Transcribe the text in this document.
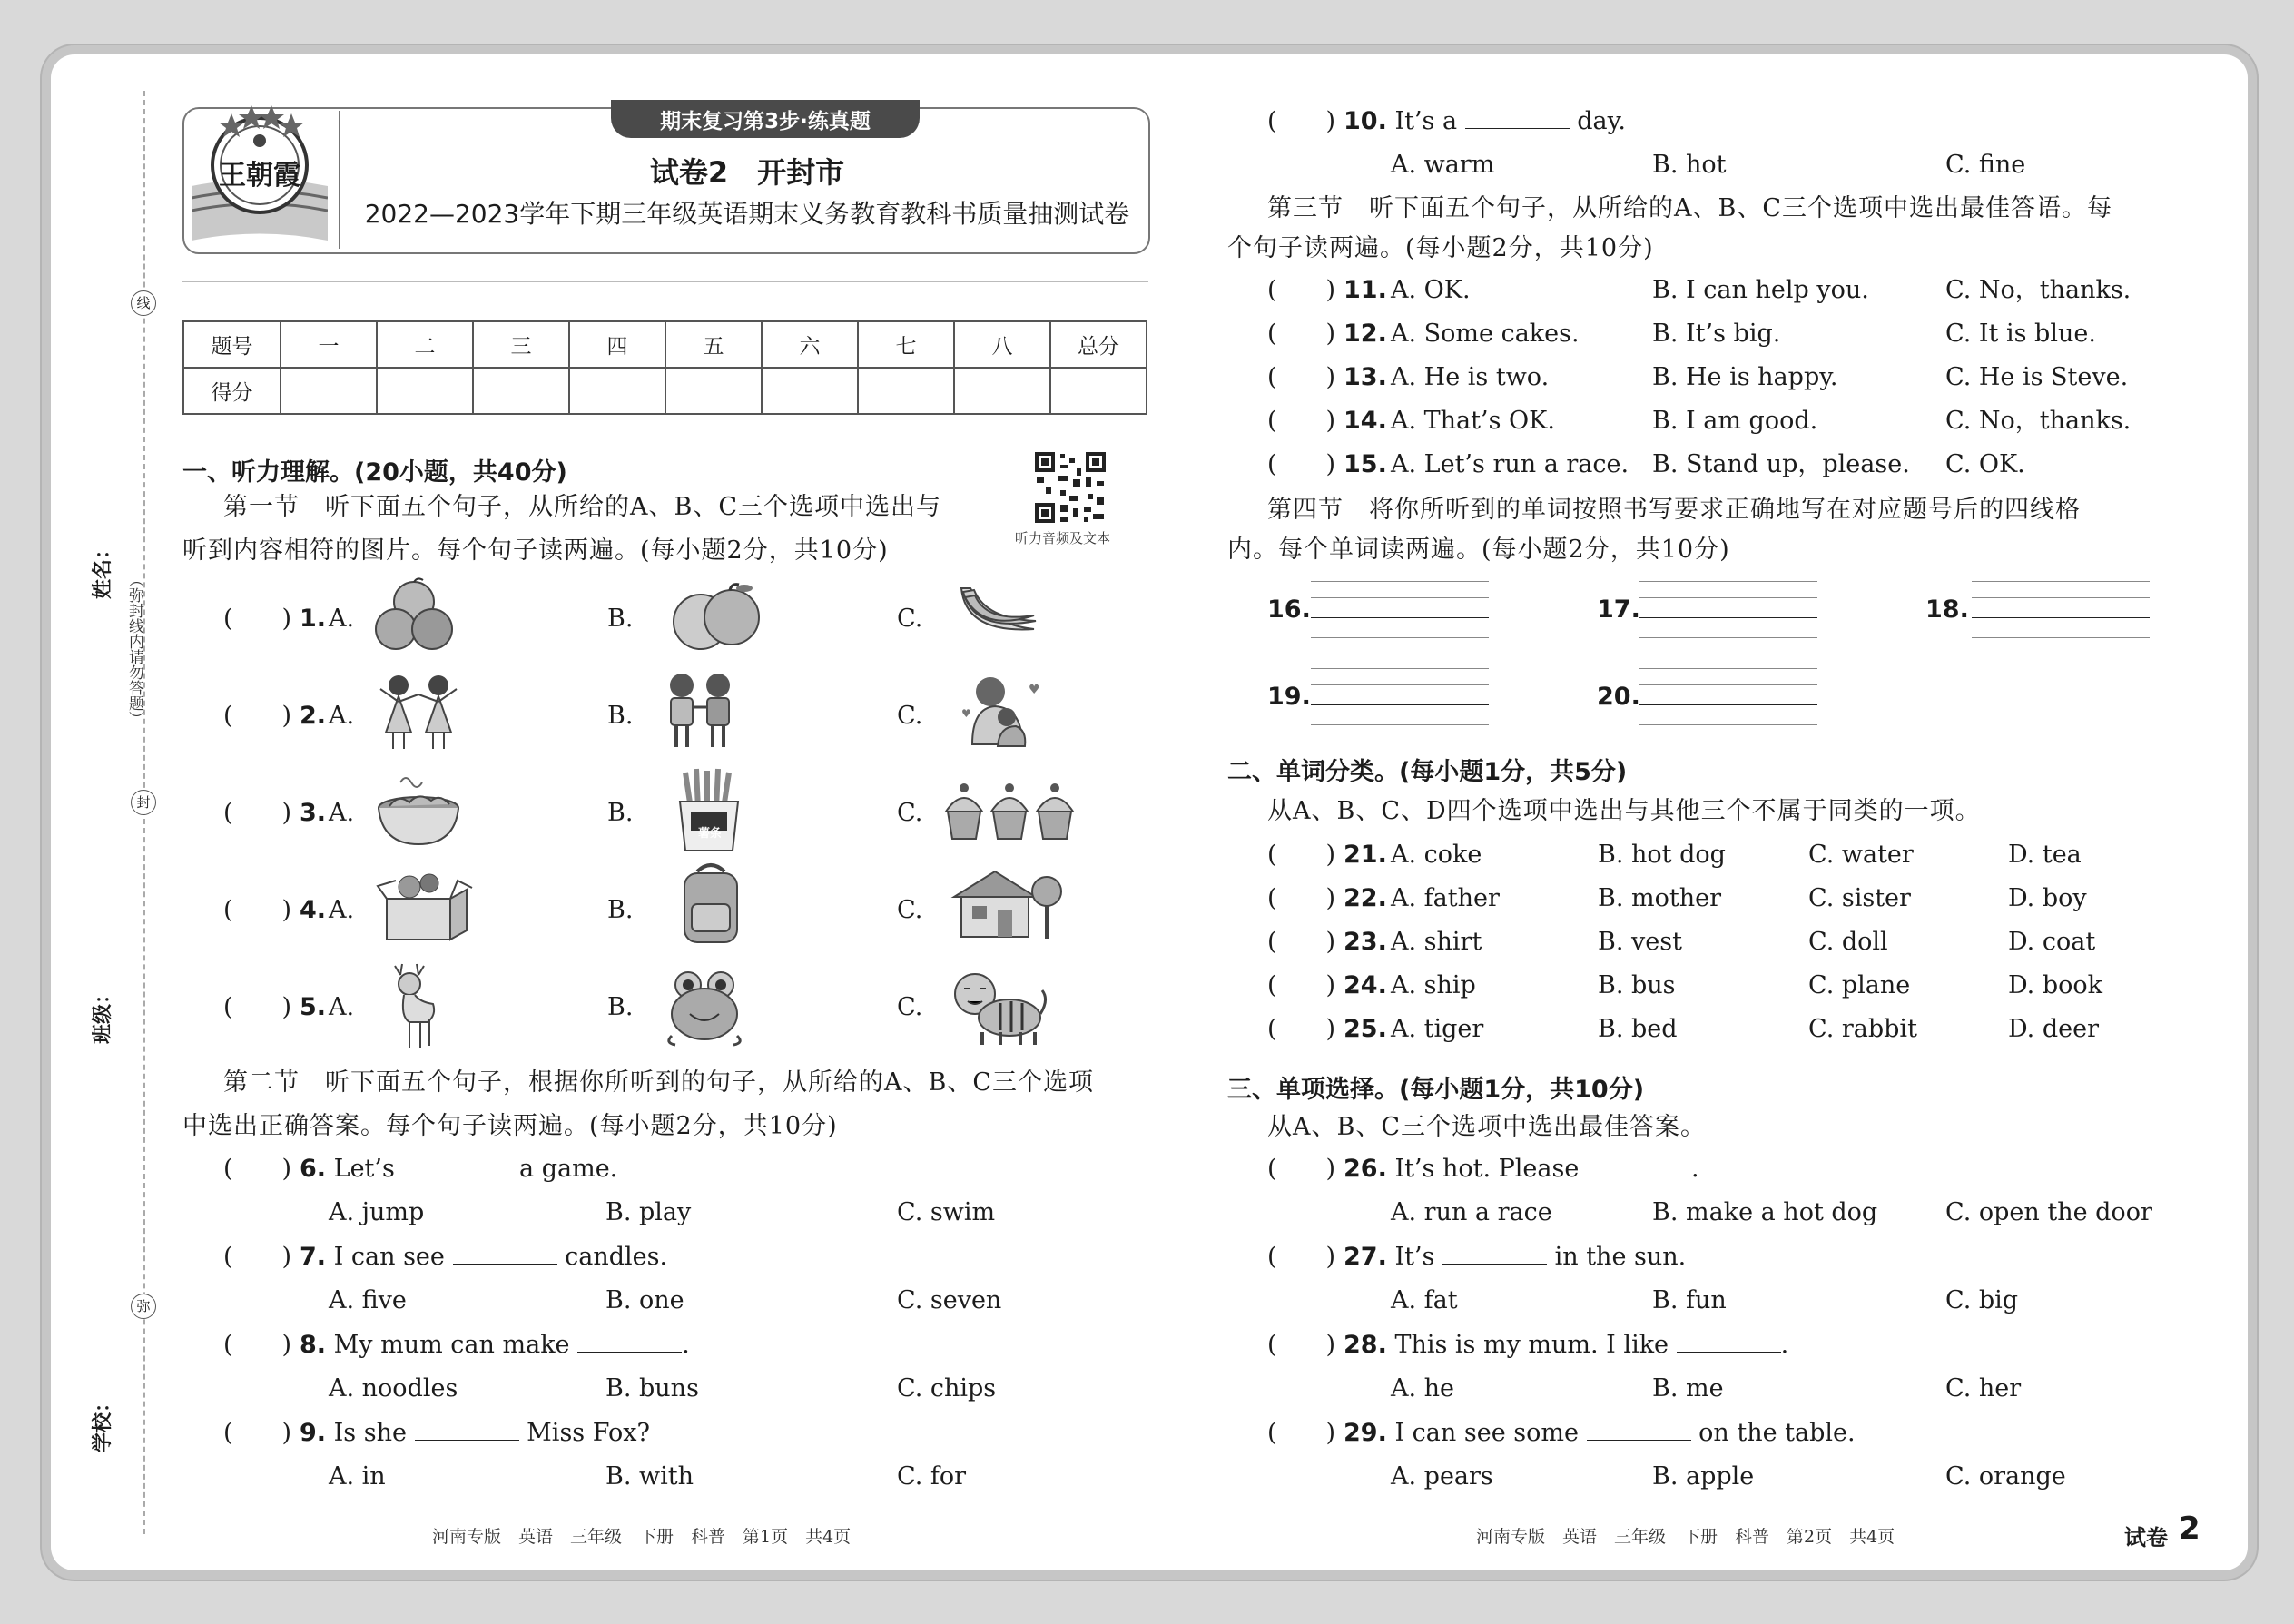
线
封
弥
（弥封线内请勿答题）
姓名：
班级：
学校：
期末复习第3步·练真题
王朝霞	试卷2　开封市
2022—2023学年下期三年级英语期末义务教育教科书质量抽测试卷
题号	一	二	三	四	五	六	七	八	总分
得分									
一、听力理解。(20小题，共40分)
听力音频及文本
第一节　听下面五个句子，从所给的A、B、C三个选项中选出与
听到内容相符的图片。每个句子读两遍。(每小题2分，共10分)
(　　) 1. A.	B.	C.
(　　) 2. A.	B.	C.
(　　) 3. A.	B.	C.
(　　) 4. A.	B.	C.
(　　) 5. A.	B.	C.
♥
♥
薯条
第二节　听下面五个句子，根据你所听到的句子，从所给的A、B、C三个选项
中选出正确答案。每个句子读两遍。(每小题2分，共10分)
(　　) 6. Let’s	a game.
A. jump	B. play	C. swim
(　　) 7. I can see	candles.
A. five	B. one	C. seven
(　　) 8. My mum can make	.
A. noodles	B. buns	C. chips
(　　) 9. Is she	Miss Fox?
A. in	B. with	C. for
河南专版　英语　三年级　下册　科普　第1页　共4页
(　　) 10. It’s a	day.
A. warm	B. hot	C. fine
第三节　听下面五个句子，从所给的A、B、C三个选项中选出最佳答语。每
个句子读两遍。(每小题2分，共10分)
(　　) 11. A. OK.	B. I can help you.	C. No，thanks.
(　　) 12. A. Some cakes.	B. It’s big.	C. It is blue.
(　　) 13. A. He is two.	B. He is happy.	C. He is Steve.
(　　) 14. A. That’s OK.	B. I am good.	C. No，thanks.
(　　) 15. A. Let’s run a race. B. Stand up，please. C. OK.
第四节　将你所听到的单词按照书写要求正确地写在对应题号后的四线格
内。每个单词读两遍。(每小题2分，共10分)
16.	17.	18.
19.	20.
二、单词分类。(每小题1分，共5分)
从A、B、C、D四个选项中选出与其他三个不属于同类的一项。
(　　) 21. A. coke	B. hot dog	C. water	D. tea
(　　) 22. A. father	B. mother	C. sister	D. boy
(　　) 23. A. shirt	B. vest	C. doll	D. coat
(　　) 24. A. ship	B. bus	C. plane	D. book
(　　) 25. A. tiger	B. bed	C. rabbit	D. deer
三、单项选择。(每小题1分，共10分)
从A、B、C三个选项中选出最佳答案。
(　　) 26. It’s hot. Please	.
A. run a race	B. make a hot dog	C. open the door
(　　) 27. It’s	in the sun.
A. fat	B. fun	C. big
(　　) 28. This is my mum. I like	.
A. he	B. me	C. her
(　　) 29. I can see some	on the table.
A. pears	B. apple	C. orange
河南专版　英语　三年级　下册　科普　第2页　共4页	试卷 2
